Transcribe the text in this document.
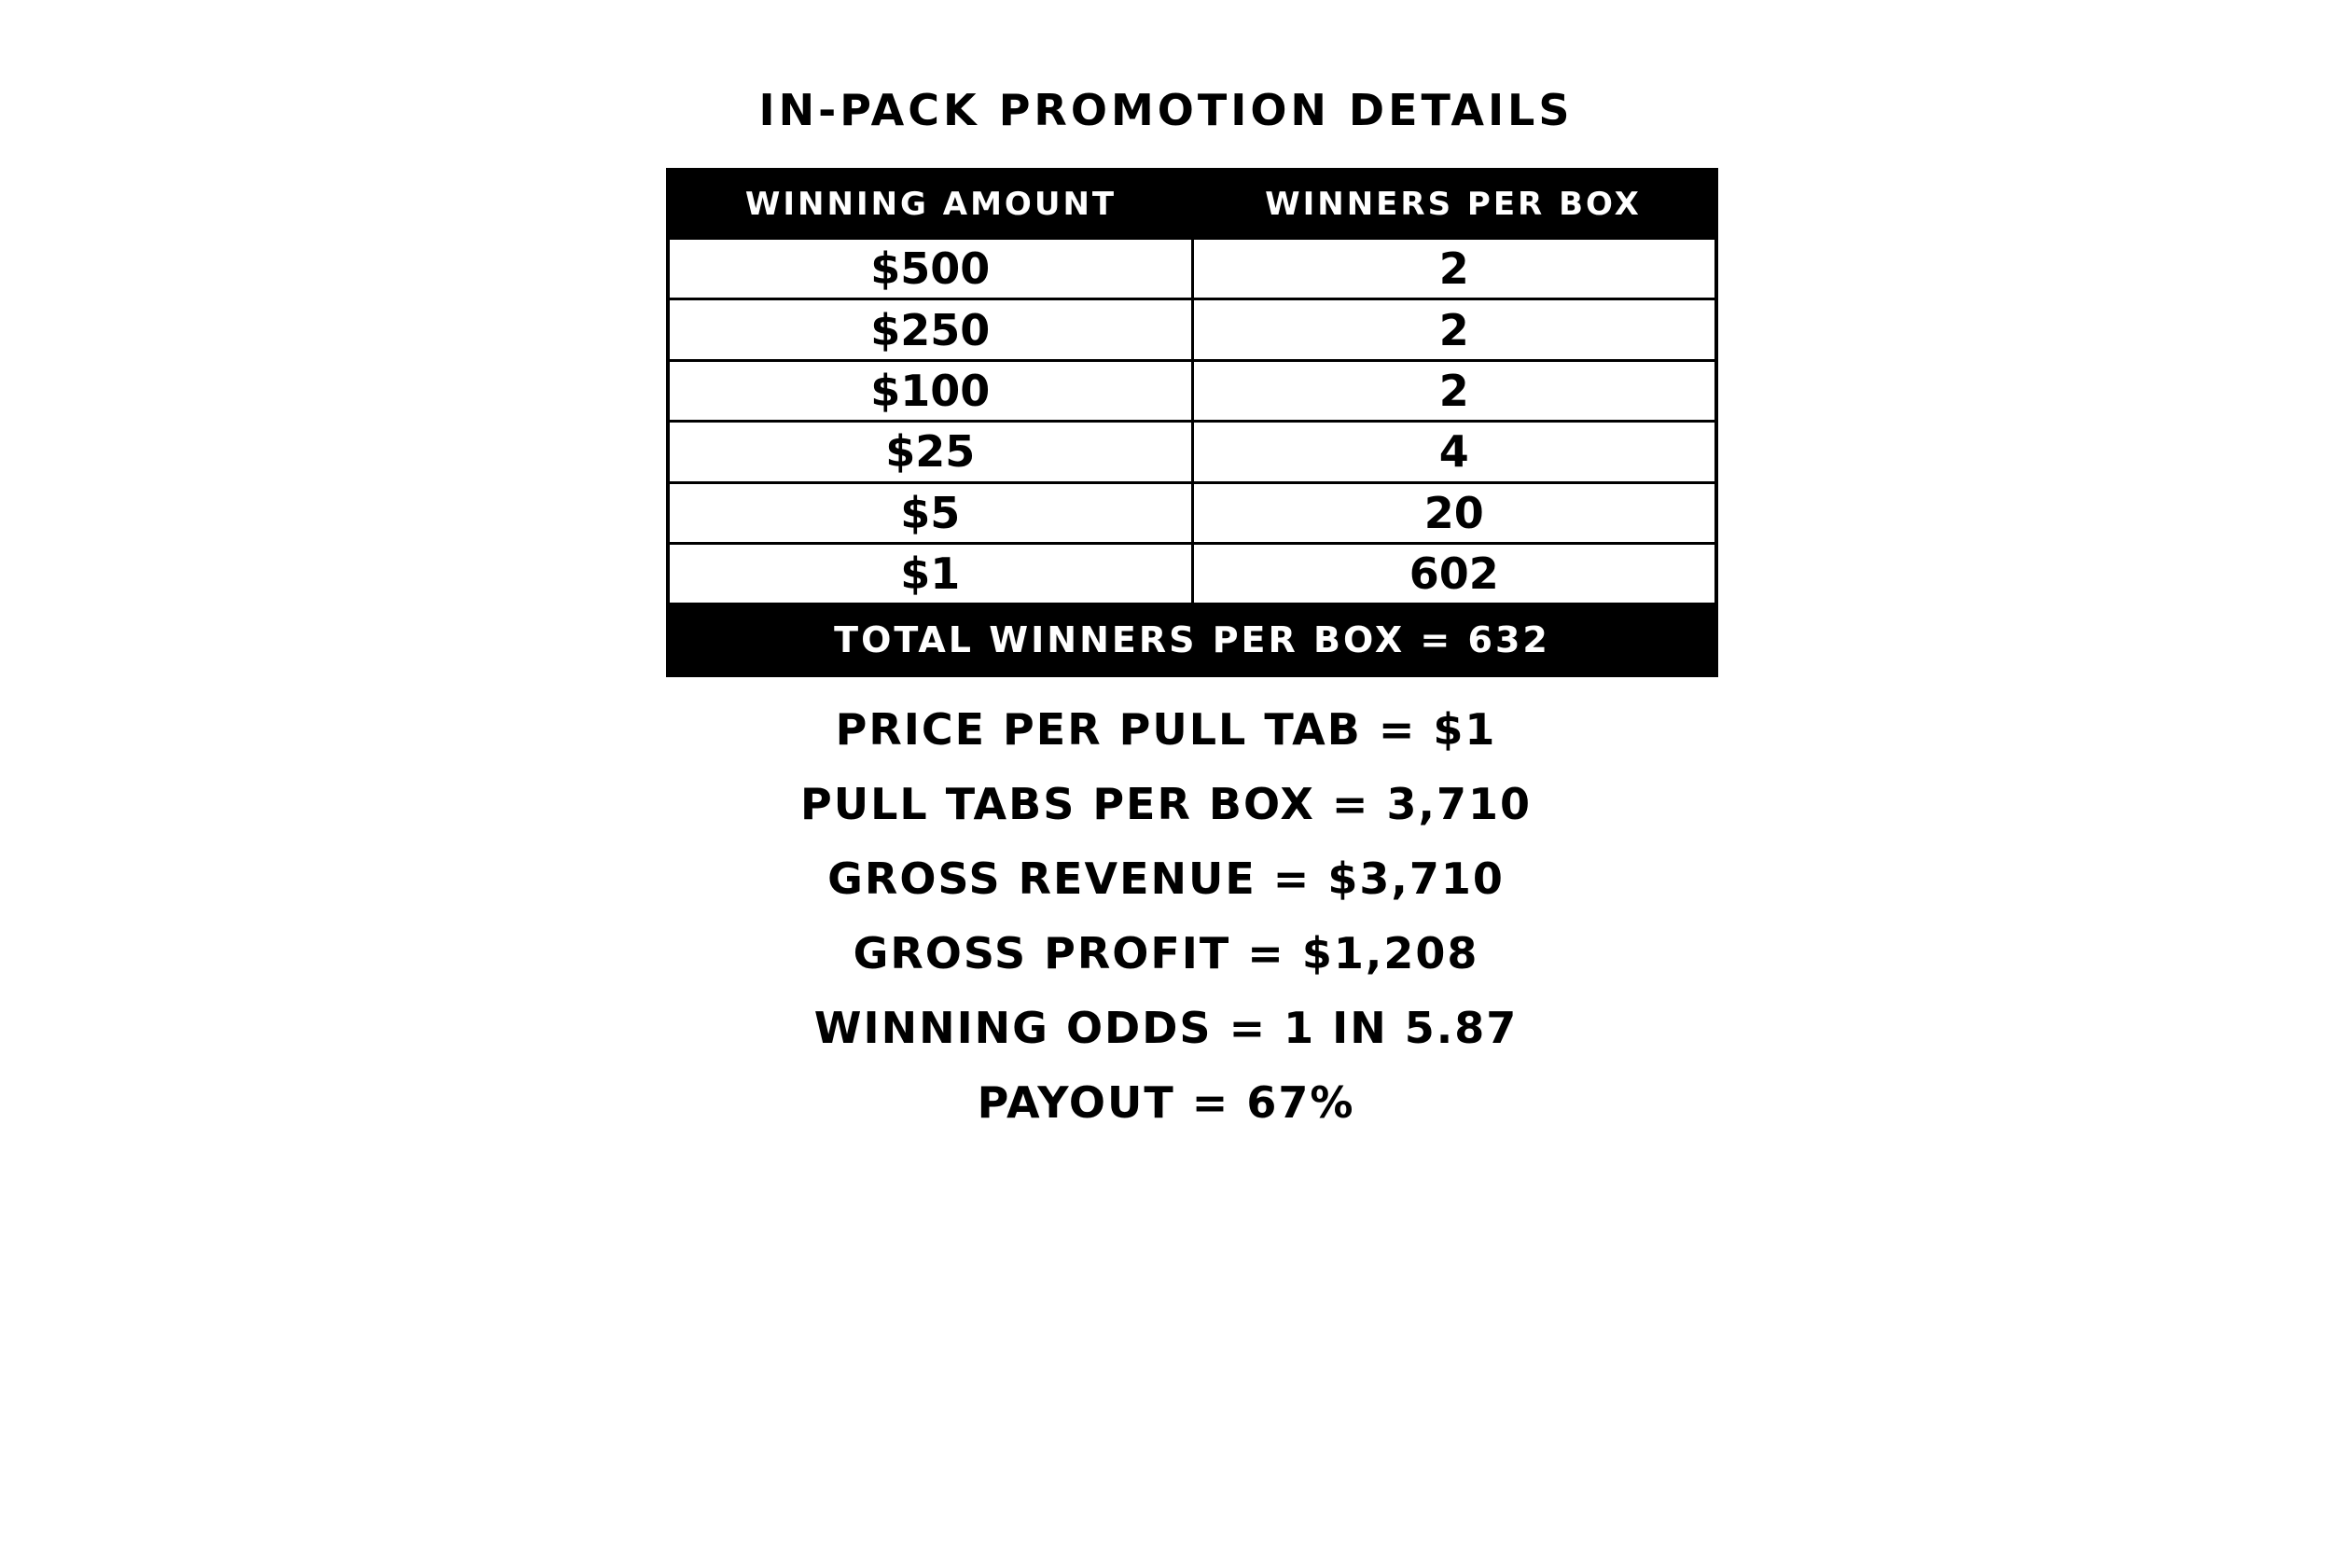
IN-PACK PROMOTION DETAILS
WINNING AMOUNT	WINNERS PER BOX
$500	2
$250	2
$100	2
$25	4
$5	20
$1	602
TOTAL WINNERS PER BOX = 632	
PRICE PER PULL TAB = $1
PULL TABS PER BOX = 3,710
GROSS REVENUE = $3,710
GROSS PROFIT = $1,208
WINNING ODDS = 1 IN 5.87
PAYOUT = 67%
